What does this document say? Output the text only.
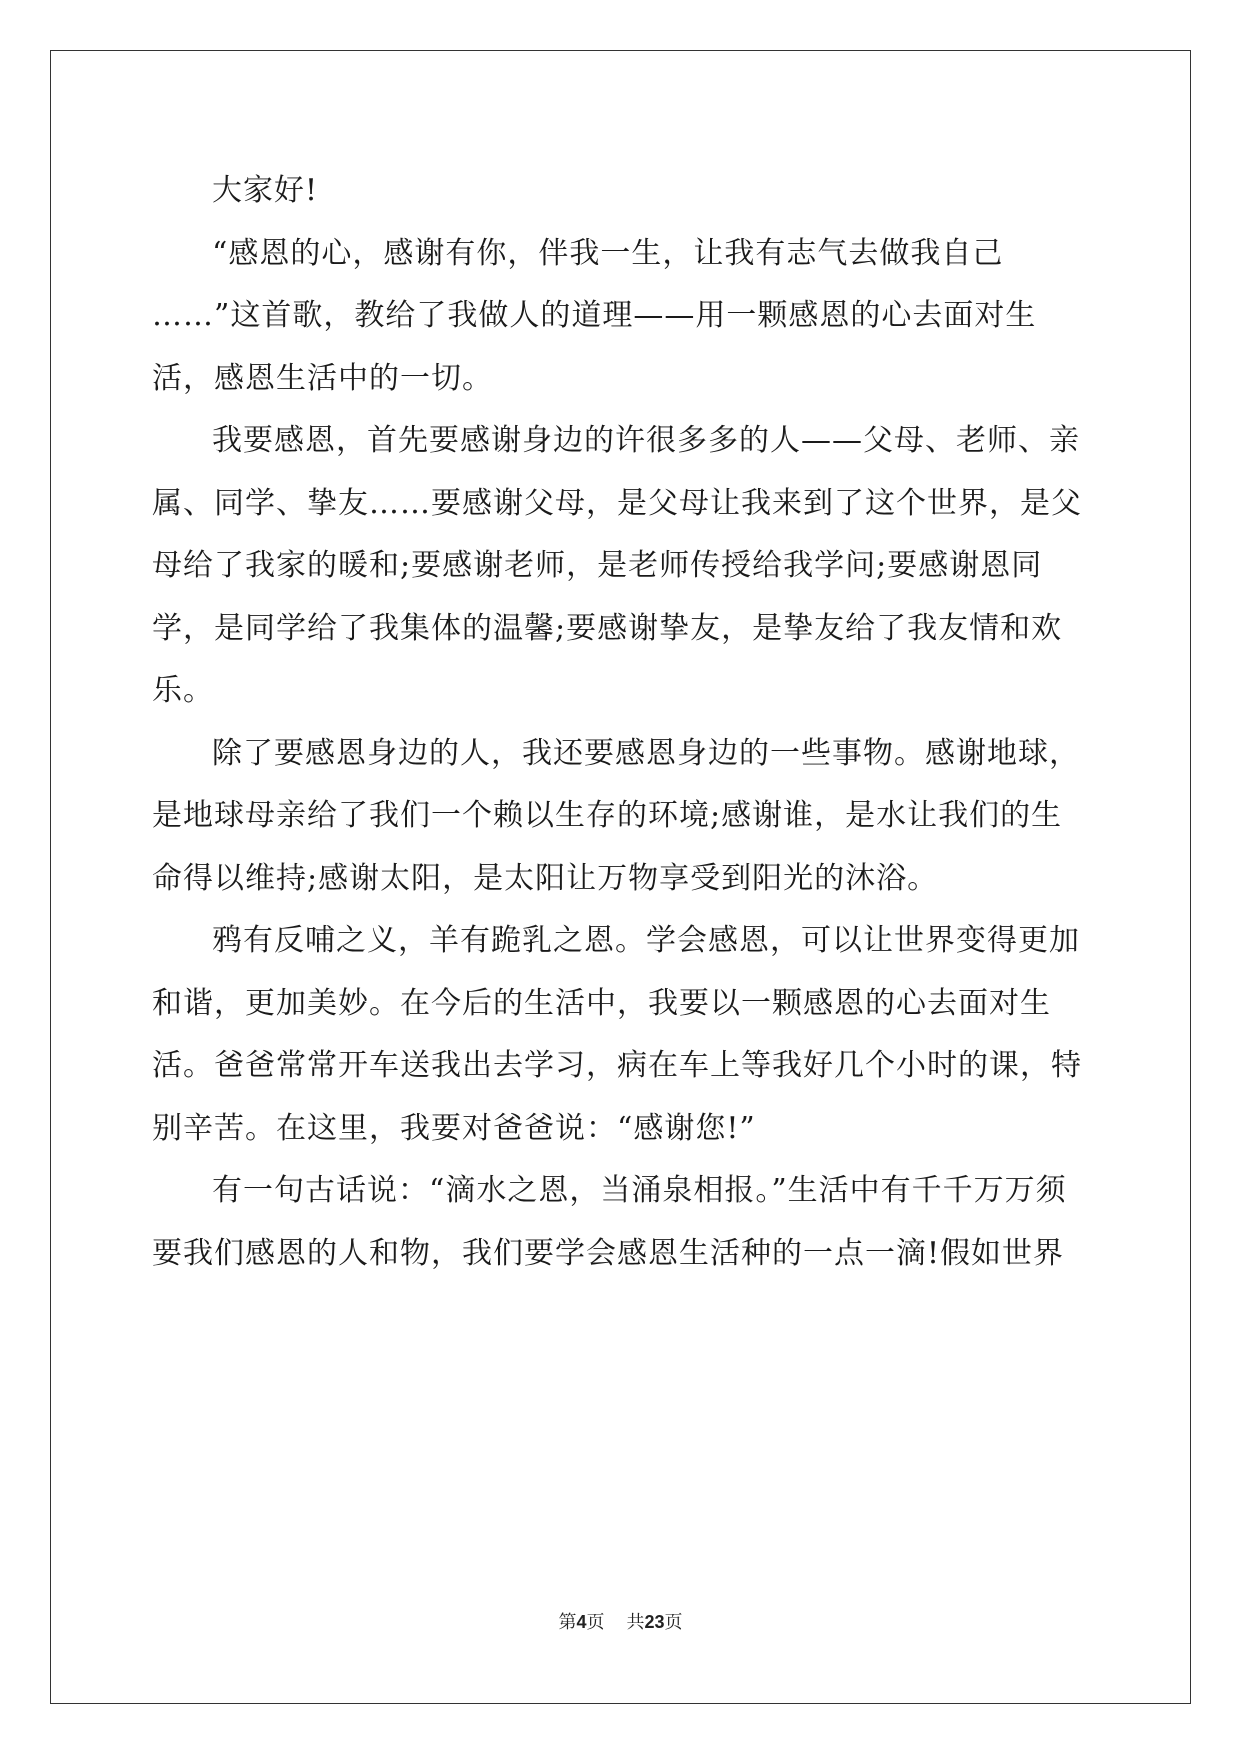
大家好!

“感恩的心，感谢有你，伴我一生，让我有志气去做我自己 ……”这首歌，教给了我做人的道理——用一颗感恩的心去面对生活，感恩生活中的一切。

我要感恩，首先要感谢身边的许很多多的人——父母、老师、亲属、同学、挚友……要感谢父母，是父母让我来到了这个世界，是父母给了我家的暖和;要感谢老师，是老师传授给我学问;要感谢恩同学，是同学给了我集体的温馨;要感谢挚友，是挚友给了我友情和欢乐。

除了要感恩身边的人，我还要感恩身边的一些事物。感谢地球，是地球母亲给了我们一个赖以生存的环境;感谢谁，是水让我们的生命得以维持;感谢太阳，是太阳让万物享受到阳光的沐浴。

鸦有反哺之义，羊有跪乳之恩。学会感恩，可以让世界变得更加和谐，更加美妙。在今后的生活中，我要以一颗感恩的心去面对生活。爸爸常常开车送我出去学习，病在车上等我好几个小时的课，特别辛苦。在这里，我要对爸爸说：“感谢您!”

有一句古话说：“滴水之恩，当涌泉相报。”生活中有千千万万须要我们感恩的人和物，我们要学会感恩生活种的一点一滴!假如世界

第4页 共23页
